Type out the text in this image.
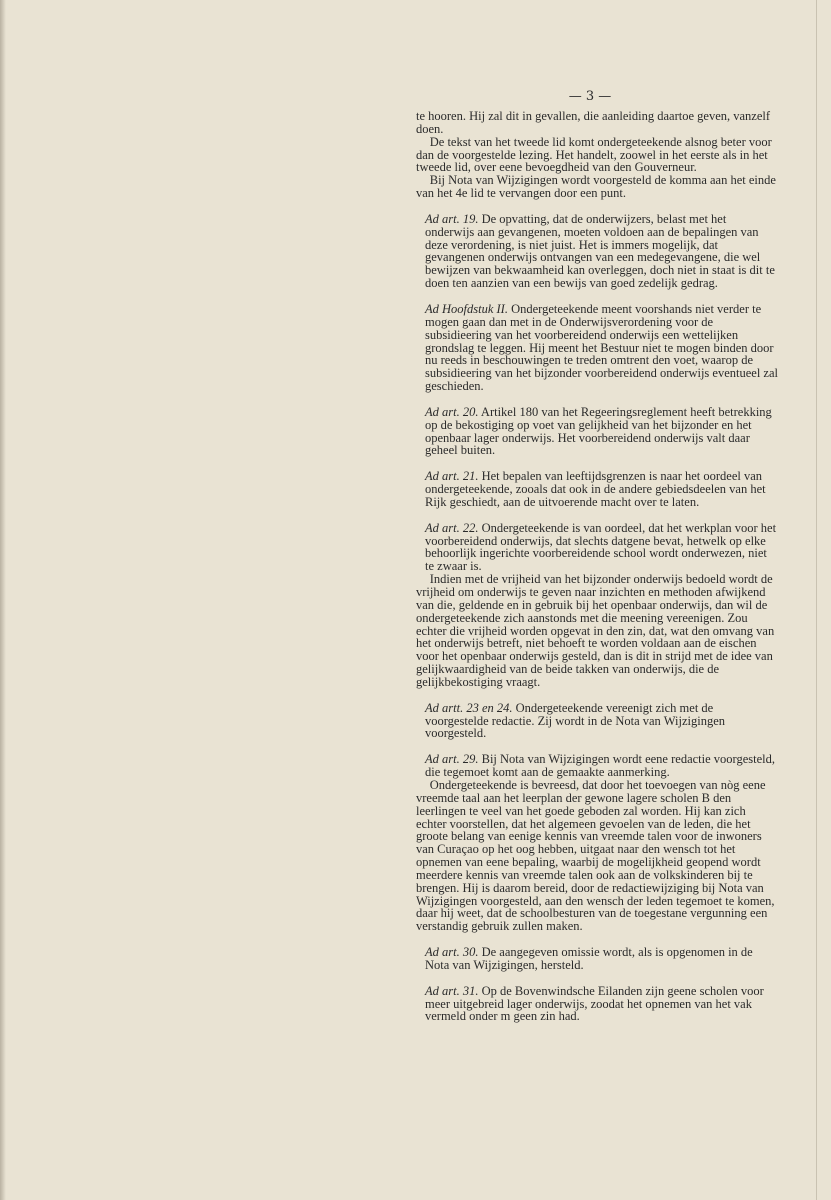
— 3 —

te hooren. Hij zal dit in gevallen, die aanleiding daartoe geven, vanzelf doen.

De tekst van het tweede lid komt ondergeteekende alsnog beter voor dan de voorgestelde lezing. Het handelt, zoowel in het eerste als in het tweede lid, over eene bevoegdheid van den Gouverneur.

Bij Nota van Wijzigingen wordt voorgesteld de komma aan het einde van het 4e lid te vervangen door een punt.

Ad art. 19. De opvatting, dat de onderwijzers, belast met het onderwijs aan gevangenen, moeten voldoen aan de bepalingen van deze verordening, is niet juist. Het is immers mogelijk, dat gevangenen onderwijs ontvangen van een medegevangene, die wel bewijzen van bekwaamheid kan overleggen, doch niet in staat is dit te doen ten aanzien van een bewijs van goed zedelijk gedrag.

Ad Hoofdstuk II. Ondergeteekende meent voorshands niet verder te mogen gaan dan met in de Onderwijsverordening voor de subsidieering van het voorbereidend onderwijs een wettelijken grondslag te leggen. Hij meent het Bestuur niet te mogen binden door nu reeds in beschouwingen te treden omtrent den voet, waarop de subsidieering van het bijzonder voorbereidend onderwijs eventueel zal geschieden.

Ad art. 20. Artikel 180 van het Regeeringsreglement heeft betrekking op de bekostiging op voet van gelijkheid van het bijzonder en het openbaar lager onderwijs. Het voorbereidend onderwijs valt daar geheel buiten.

Ad art. 21. Het bepalen van leeftijdsgrenzen is naar het oordeel van ondergeteekende, zooals dat ook in de andere gebiedsdeelen van het Rijk geschiedt, aan de uitvoerende macht over te laten.

Ad art. 22. Ondergeteekende is van oordeel, dat het werkplan voor het voorbereidend onderwijs, dat slechts datgene bevat, hetwelk op elke behoorlijk ingerichte voorbereidende school wordt onderwezen, niet te zwaar is.

Indien met de vrijheid van het bijzonder onderwijs bedoeld wordt de vrijheid om onderwijs te geven naar inzichten en methoden afwijkend van die, geldende en in gebruik bij het openbaar onderwijs, dan wil de ondergeteekende zich aanstonds met die meening vereenigen. Zou echter die vrijheid worden opgevat in den zin, dat, wat den omvang van het onderwijs betreft, niet behoeft te worden voldaan aan de eischen voor het openbaar onderwijs gesteld, dan is dit in strijd met de idee van gelijkwaardigheid van de beide takken van onderwijs, die de gelijkbekostiging vraagt.

Ad artt. 23 en 24. Ondergeteekende vereenigt zich met de voorgestelde redactie. Zij wordt in de Nota van Wijzigingen voorgesteld.

Ad art. 29. Bij Nota van Wijzigingen wordt eene redactie voorgesteld, die tegemoet komt aan de gemaakte aanmerking.

Ondergeteekende is bevreesd, dat door het toevoegen van nòg eene vreemde taal aan het leerplan der gewone lagere scholen B den leerlingen te veel van het goede geboden zal worden. Hij kan zich echter voorstellen, dat het algemeen gevoelen van de leden, die het groote belang van eenige kennis van vreemde talen voor de inwoners van Curaçao op het oog hebben, uitgaat naar den wensch tot het opnemen van eene bepaling, waarbij de mogelijkheid geopend wordt meerdere kennis van vreemde talen ook aan de volkskinderen bij te brengen. Hij is daarom bereid, door de redactiewijziging bij Nota van Wijzigingen voorgesteld, aan den wensch der leden tegemoet te komen, daar hij weet, dat de schoolbesturen van de toegestane vergunning een verstandig gebruik zullen maken.

Ad art. 30. De aangegeven omissie wordt, als is opgenomen in de Nota van Wijzigingen, hersteld.

Ad art. 31. Op de Bovenwindsche Eilanden zijn geene scholen voor meer uitgebreid lager onderwijs, zoodat het opnemen van het vak vermeld onder m geen zin had.
